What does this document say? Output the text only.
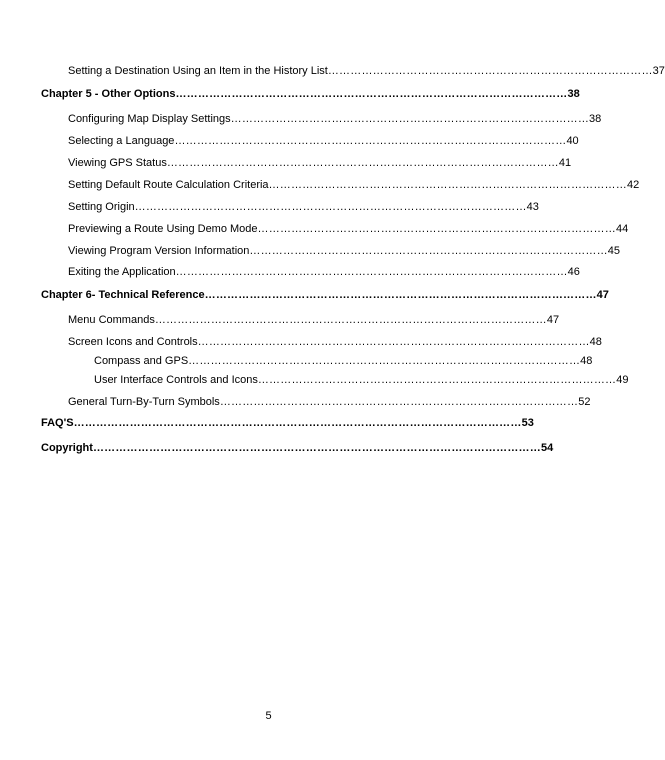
Setting a Destination Using an Item in the History List …………………………………………………………………………… 37
Chapter 5 - Other Options …………………………………………………………………………………………… 38
Configuring Map Display Settings …………………………………………………………………………………… 38
Selecting a Language …………………………………………………………………………………………… 40
Viewing GPS Status …………………………………………………………………………………………… 41
Setting Default Route Calculation Criteria …………………………………………………………………………………… 42
Setting Origin …………………………………………………………………………………………… 43
Previewing a Route Using Demo Mode …………………………………………………………………………………… 44
Viewing Program Version Information …………………………………………………………………………………… 45
Exiting the Application …………………………………………………………………………………………… 46
Chapter 6- Technical Reference …………………………………………………………………………………………… 47
Menu Commands …………………………………………………………………………………………… 47
Screen Icons and Controls …………………………………………………………………………………………… 48
Compass and GPS …………………………………………………………………………………………… 48
User Interface Controls and Icons …………………………………………………………………………………… 49
General Turn-By-Turn Symbols …………………………………………………………………………………… 52
FAQ'S ………………………………………………………………………………………………………… 53
Copyright ………………………………………………………………………………………………………… 54
5
